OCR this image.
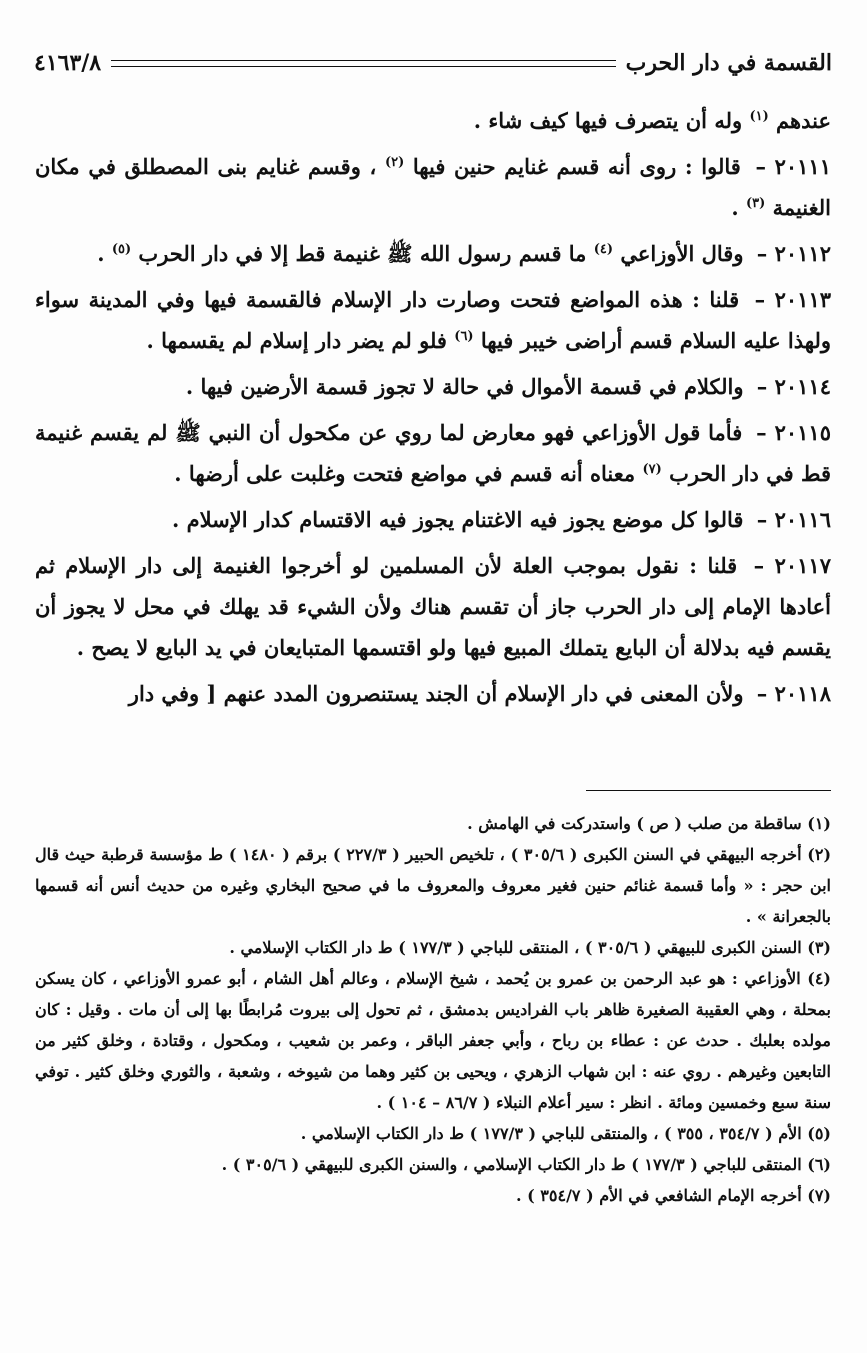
القسمة في دار الحرب
٤١٦٣/٨

عندهم $^{(١)}$ وله أن يتصرف فيها كيف شاء .

٢٠١١١ – قالوا : روى أنه قسم غنايم حنين فيها $^{(٢)}$ ، وقسم غنايم بنى المصطلق في مكان الغنيمة $^{(٣)}$ .

٢٠١١٢ – وقال الأوزاعي $^{(٤)}$ ما قسم رسول الله ﷺ غنيمة قط إلا في دار الحرب $^{(٥)}$ .

٢٠١١٣ – قلنا : هذه المواضع فتحت وصارت دار الإسلام فالقسمة فيها وفي المدينة سواء ولهذا عليه السلام قسم أراضى خيبر فيها $^{(٦)}$ فلو لم يضر دار إسلام لم يقسمها .

٢٠١١٤ – والكلام في قسمة الأموال في حالة لا تجوز قسمة الأرضين فيها .

٢٠١١٥ – فأما قول الأوزاعي فهو معارض لما روي عن مكحول أن النبي ﷺ لم يقسم غنيمة قط في دار الحرب $^{(٧)}$ معناه أنه قسم في مواضع فتحت وغلبت على أرضها .

٢٠١١٦ – قالوا كل موضع يجوز فيه الاغتنام يجوز فيه الاقتسام كدار الإسلام .

٢٠١١٧ – قلنا : نقول بموجب العلة لأن المسلمين لو أخرجوا الغنيمة إلى دار الإسلام ثم أعادها الإمام إلى دار الحرب جاز أن تقسم هناك ولأن الشيء قد يهلك في محل لا يجوز أن يقسم فيه بدلالة أن البايع يتملك المبيع فيها ولو اقتسمها المتبايعان في يد البايع لا يصح .

٢٠١١٨ – ولأن المعنى في دار الإسلام أن الجند يستنصرون المدد عنهم [ وفي دار

(١) ساقطة من صلب ( ص ) واستدركت في الهامش .

(٢) أخرجه البيهقي في السنن الكبرى ( ٣٠٥/٦ ) ، تلخيص الحبير ( ٢٢٧/٣ ) برقم ( ١٤٨٠ ) ط مؤسسة قرطبة حيث قال ابن حجر : « وأما قسمة غنائم حنين فغير معروف والمعروف ما في صحيح البخاري وغيره من حديث أنس أنه قسمها بالجعرانة » .

(٣) السنن الكبرى للبيهقي ( ٣٠٥/٦ ) ، المنتقى للباجي ( ١٧٧/٣ ) ط دار الكتاب الإسلامي .

(٤) الأوزاعي : هو عبد الرحمن بن عمرو بن يُحمد ، شيخ الإسلام ، وعالم أهل الشام ، أبو عمرو الأوزاعي ، كان يسكن بمحلة ، وهي العقيبة الصغيرة ظاهر باب الفراديس بدمشق ، ثم تحول إلى بيروت مُرابطًا بها إلى أن مات . وقيل : كان مولده بعلبك . حدث عن : عطاء بن رباح ، وأبي جعفر الباقر ، وعمر بن شعيب ، ومكحول ، وقتادة ، وخلق كثير من التابعين وغيرهم . روي عنه : ابن شهاب الزهري ، ويحيى بن كثير وهما من شيوخه ، وشعبة ، والثوري وخلق كثير . توفي سنة سبع وخمسين ومائة . انظر : سير أعلام النبلاء ( ٨٦/٧ – ١٠٤ ) .

(٥) الأم ( ٣٥٤/٧ ، ٣٥٥ ) ، والمنتقى للباجي ( ١٧٧/٣ ) ط دار الكتاب الإسلامي .

(٦) المنتقى للباجي ( ١٧٧/٣ ) ط دار الكتاب الإسلامي ، والسنن الكبرى للبيهقي ( ٣٠٥/٦ ) .

(٧) أخرجه الإمام الشافعي في الأم ( ٣٥٤/٧ ) .
